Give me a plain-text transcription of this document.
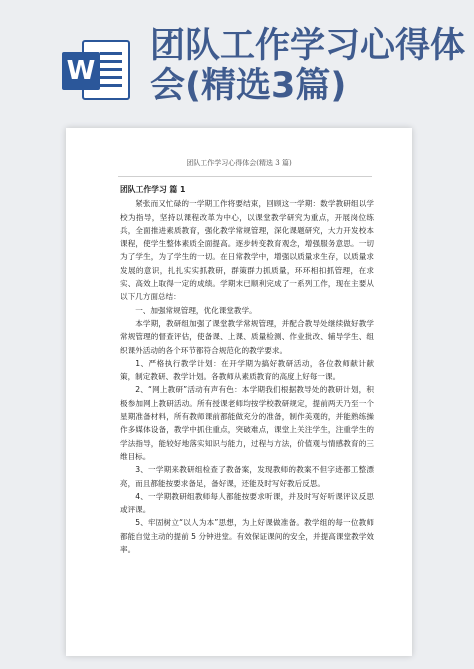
W
团队工作学习心得体会(精选3篇)
团队工作学习心得体会(精选 3 篇)
团队工作学习 篇 1

紧张而又忙碌的一学期工作将要结束，回顾这一学期：数学教研组以学校为指导，坚持以课程改革为中心，以课堂教学研究为重点，开展岗位练兵，全面推进素质教育，强化教学常规管理，深化课题研究，大力开发校本课程，使学生整体素质全面提高。逐步转变教育观念，增强服务意思。一切为了学生，为了学生的一切。在日常教学中，增强以质量求生存，以质量求发展的意识，扎扎实实抓教研，群策群力抓质量，环环相扣抓管理，在求实、高效上取得一定的成绩。学期末已顺利完成了一系列工作，现在主要从以下几方面总结：

一、加强常规管理，优化课堂教学。

本学期，教研组加强了课堂教学常规管理，并配合教导处继续做好教学常规管理的督查评估，使备课、上课、质量检测、作业批改、辅导学生、组织课外活动的各个环节都符合规范化的教学要求。

1、严格执行教学计划：在开学期为搞好教研活动，各位教师献计献策，制定教研、教学计划。各教师从素质教育的高度上好每一课。

2、“网上教研”活动有声有色：本学期我们根据教导处的教研计划，积极参加网上教研活动。所有授课老师均按学校教研规定，提前两天乃至一个星期准备材料，所有教师课前都能做充分的准备，制作美观的，并能熟练操作多媒体设备，教学中抓住重点，突破难点，课堂上关注学生，注重学生的学法指导，能较好地落实知识与能力，过程与方法，价值观与情感教育的三维目标。

3、一学期来教研组检查了教备案，发现教师的教案不但字迹都工整漂亮，而且都能按要求备足，备好课，还能及时写好教后反思。

4、一学期教研组教师每人都能按要求听课，并及时写好听课评议反思或评课。

5、牢固树立“以人为本”思想，为上好课做准备。教学组的每一位教师都能自觉主动的提前 5 分钟进堂。有效保证课间的安全，并提高课堂教学效率。
